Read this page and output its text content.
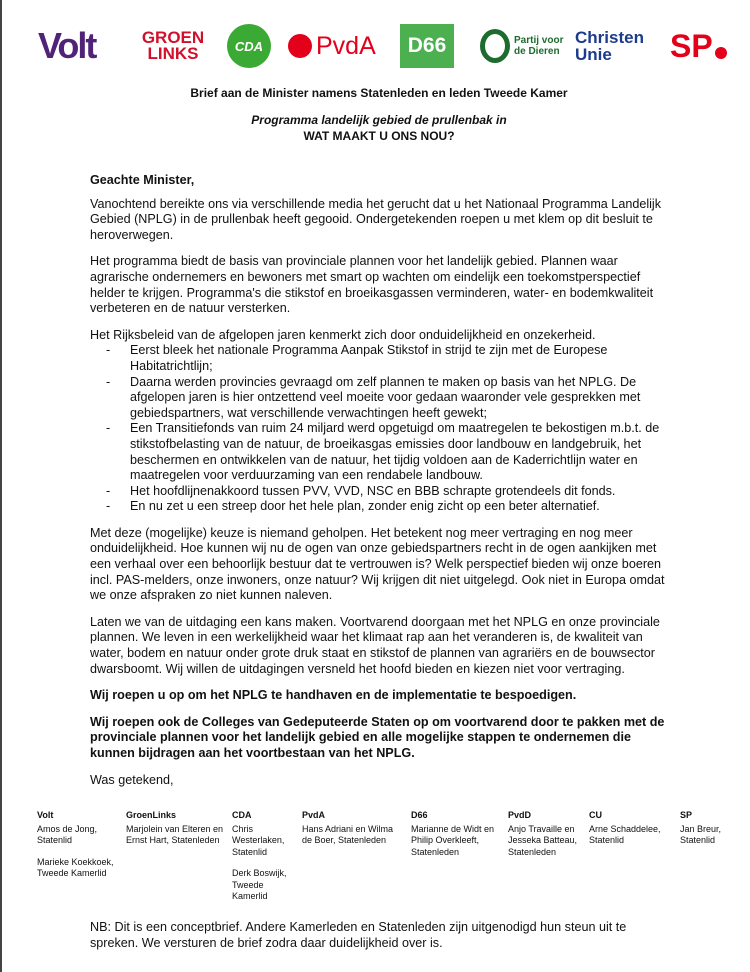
Volt	GROEN LINKS	CDA	PvdA	D66	Partij voor de Dieren
Christen Unie	SP
Brief aan de Minister namens Statenleden en leden Tweede Kamer
Programma landelijk gebied de prullenbak in
WAT MAAKT U ONS NOU?

Geachte Minister,

Vanochtend bereikte ons via verschillende media het gerucht dat u het Nationaal Programma Landelijk Gebied (NPLG) in de prullenbak heeft gegooid. Ondergetekenden roepen u met klem op dit besluit te heroverwegen.

Het programma biedt de basis van provinciale plannen voor het landelijk gebied. Plannen waar agrarische ondernemers en bewoners met smart op wachten om eindelijk een toekomstperspectief helder te krijgen. Programma's die stikstof en broeikasgassen verminderen, water- en bodemkwaliteit verbeteren en de natuur versterken.

Het Rijksbeleid van de afgelopen jaren kenmerkt zich door onduidelijkheid en onzekerheid.

- Eerst bleek het nationale Programma Aanpak Stikstof in strijd te zijn met de Europese Habitatrichtlijn;
- Daarna werden provincies gevraagd om zelf plannen te maken op basis van het NPLG. De afgelopen jaren is hier ontzettend veel moeite voor gedaan waaronder vele gesprekken met gebiedspartners, wat verschillende verwachtingen heeft gewekt;
- Een Transitiefonds van ruim 24 miljard werd opgetuigd om maatregelen te bekostigen m.b.t. de stikstofbelasting van de natuur, de broeikasgas emissies door landbouw en landgebruik, het beschermen en ontwikkelen van de natuur, het tijdig voldoen aan de Kaderrichtlijn water en maatregelen voor verduurzaming van een rendabele landbouw.
- Het hoofdlijnenakkoord tussen PVV, VVD, NSC en BBB schrapte grotendeels dit fonds.
- En nu zet u een streep door het hele plan, zonder enig zicht op een beter alternatief.

Met deze (mogelijke) keuze is niemand geholpen. Het betekent nog meer vertraging en nog meer onduidelijkheid. Hoe kunnen wij nu de ogen van onze gebiedspartners recht in de ogen aankijken met een verhaal over een behoorlijk bestuur dat te vertrouwen is? Welk perspectief bieden wij onze boeren incl. PAS-melders, onze inwoners, onze natuur? Wij krijgen dit niet uitgelegd. Ook niet in Europa omdat we onze afspraken zo niet kunnen naleven.

Laten we van de uitdaging een kans maken. Voortvarend doorgaan met het NPLG en onze provinciale plannen. We leven in een werkelijkheid waar het klimaat rap aan het veranderen is, de kwaliteit van water, bodem en natuur onder grote druk staat en stikstof de plannen van agrariërs en de bouwsector dwarsboomt. Wij willen de uitdagingen versneld het hoofd bieden en kiezen niet voor vertraging.

Wij roepen u op om het NPLG te handhaven en de implementatie te bespoedigen.

Wij roepen ook de Colleges van Gedeputeerde Staten op om voortvarend door te pakken met de provinciale plannen voor het landelijk gebied en alle mogelijke stappen te ondernemen die kunnen bijdragen aan het voortbestaan van het NPLG.

Was getekend,

Volt
Amos de Jong, Statenlid
Marieke Koekkoek, Tweede Kamerlid
GroenLinks
Marjolein van Elteren en Ernst Hart, Statenleden
CDA
Chris Westerlaken, Statenlid
Derk Boswijk, Tweede Kamerlid
PvdA
Hans Adriani en Wilma de Boer, Statenleden
D66
Marianne de Widt en Philip Overkleeft, Statenleden
PvdD
Anjo Travaille en Jesseka Batteau, Statenleden
CU
Arne Schaddelee, Statenlid
SP
Jan Breur, Statenlid

NB: Dit is een conceptbrief. Andere Kamerleden en Statenleden zijn uitgenodigd hun steun uit te spreken. We versturen de brief zodra daar duidelijkheid over is.
